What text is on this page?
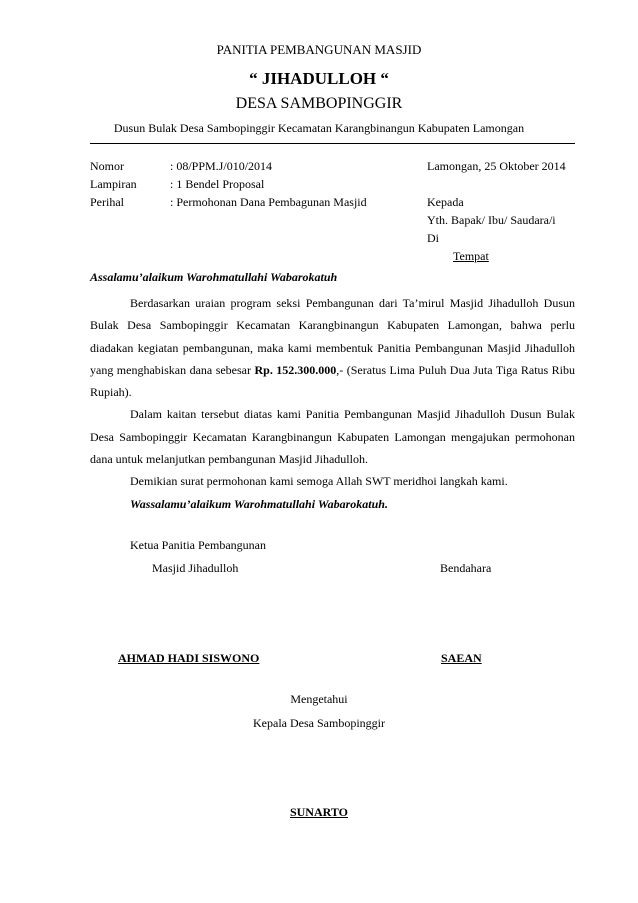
PANITIA PEMBANGUNAN MASJID
“ JIHADULLOH “
DESA SAMBOPINGGIR
Dusun Bulak Desa Sambopinggir Kecamatan Karangbinangun Kabupaten Lamongan
Nomor	: 08/PPM.J/010/2014	Lamongan, 25 Oktober 2014
Lampiran	: 1 Bendel Proposal
Perihal	: Permohonan Dana Pembagunan Masjid	Kepada
Yth. Bapak/ Ibu/ Saudara/i
Di
Tempat
Assalamu’alaikum Warohmatullahi Wabarokatuh

Berdasarkan uraian program seksi Pembangunan dari Ta’mirul Masjid Jihadulloh Dusun Bulak Desa Sambopinggir Kecamatan Karangbinangun Kabupaten Lamongan, bahwa perlu diadakan kegiatan pembangunan, maka kami membentuk Panitia Pembangunan Masjid Jihadulloh yang menghabiskan dana sebesar Rp. 152.300.000,- (Seratus Lima Puluh Dua Juta Tiga Ratus Ribu Rupiah).

Dalam kaitan tersebut diatas kami Panitia Pembangunan Masjid Jihadulloh Dusun Bulak Desa Sambopinggir Kecamatan Karangbinangun Kabupaten Lamongan mengajukan permohonan dana untuk melanjutkan pembangunan Masjid Jihadulloh.

Demikian surat permohonan kami semoga Allah SWT meridhoi langkah kami.

Wassalamu’alaikum Warohmatullahi Wabarokatuh.

Ketua Panitia Pembangunan
Masjid Jihadulloh	Bendahara
AHMAD HADI SISWONO	SAEAN
Mengetahui
Kepala Desa Sambopinggir
SUNARTO
